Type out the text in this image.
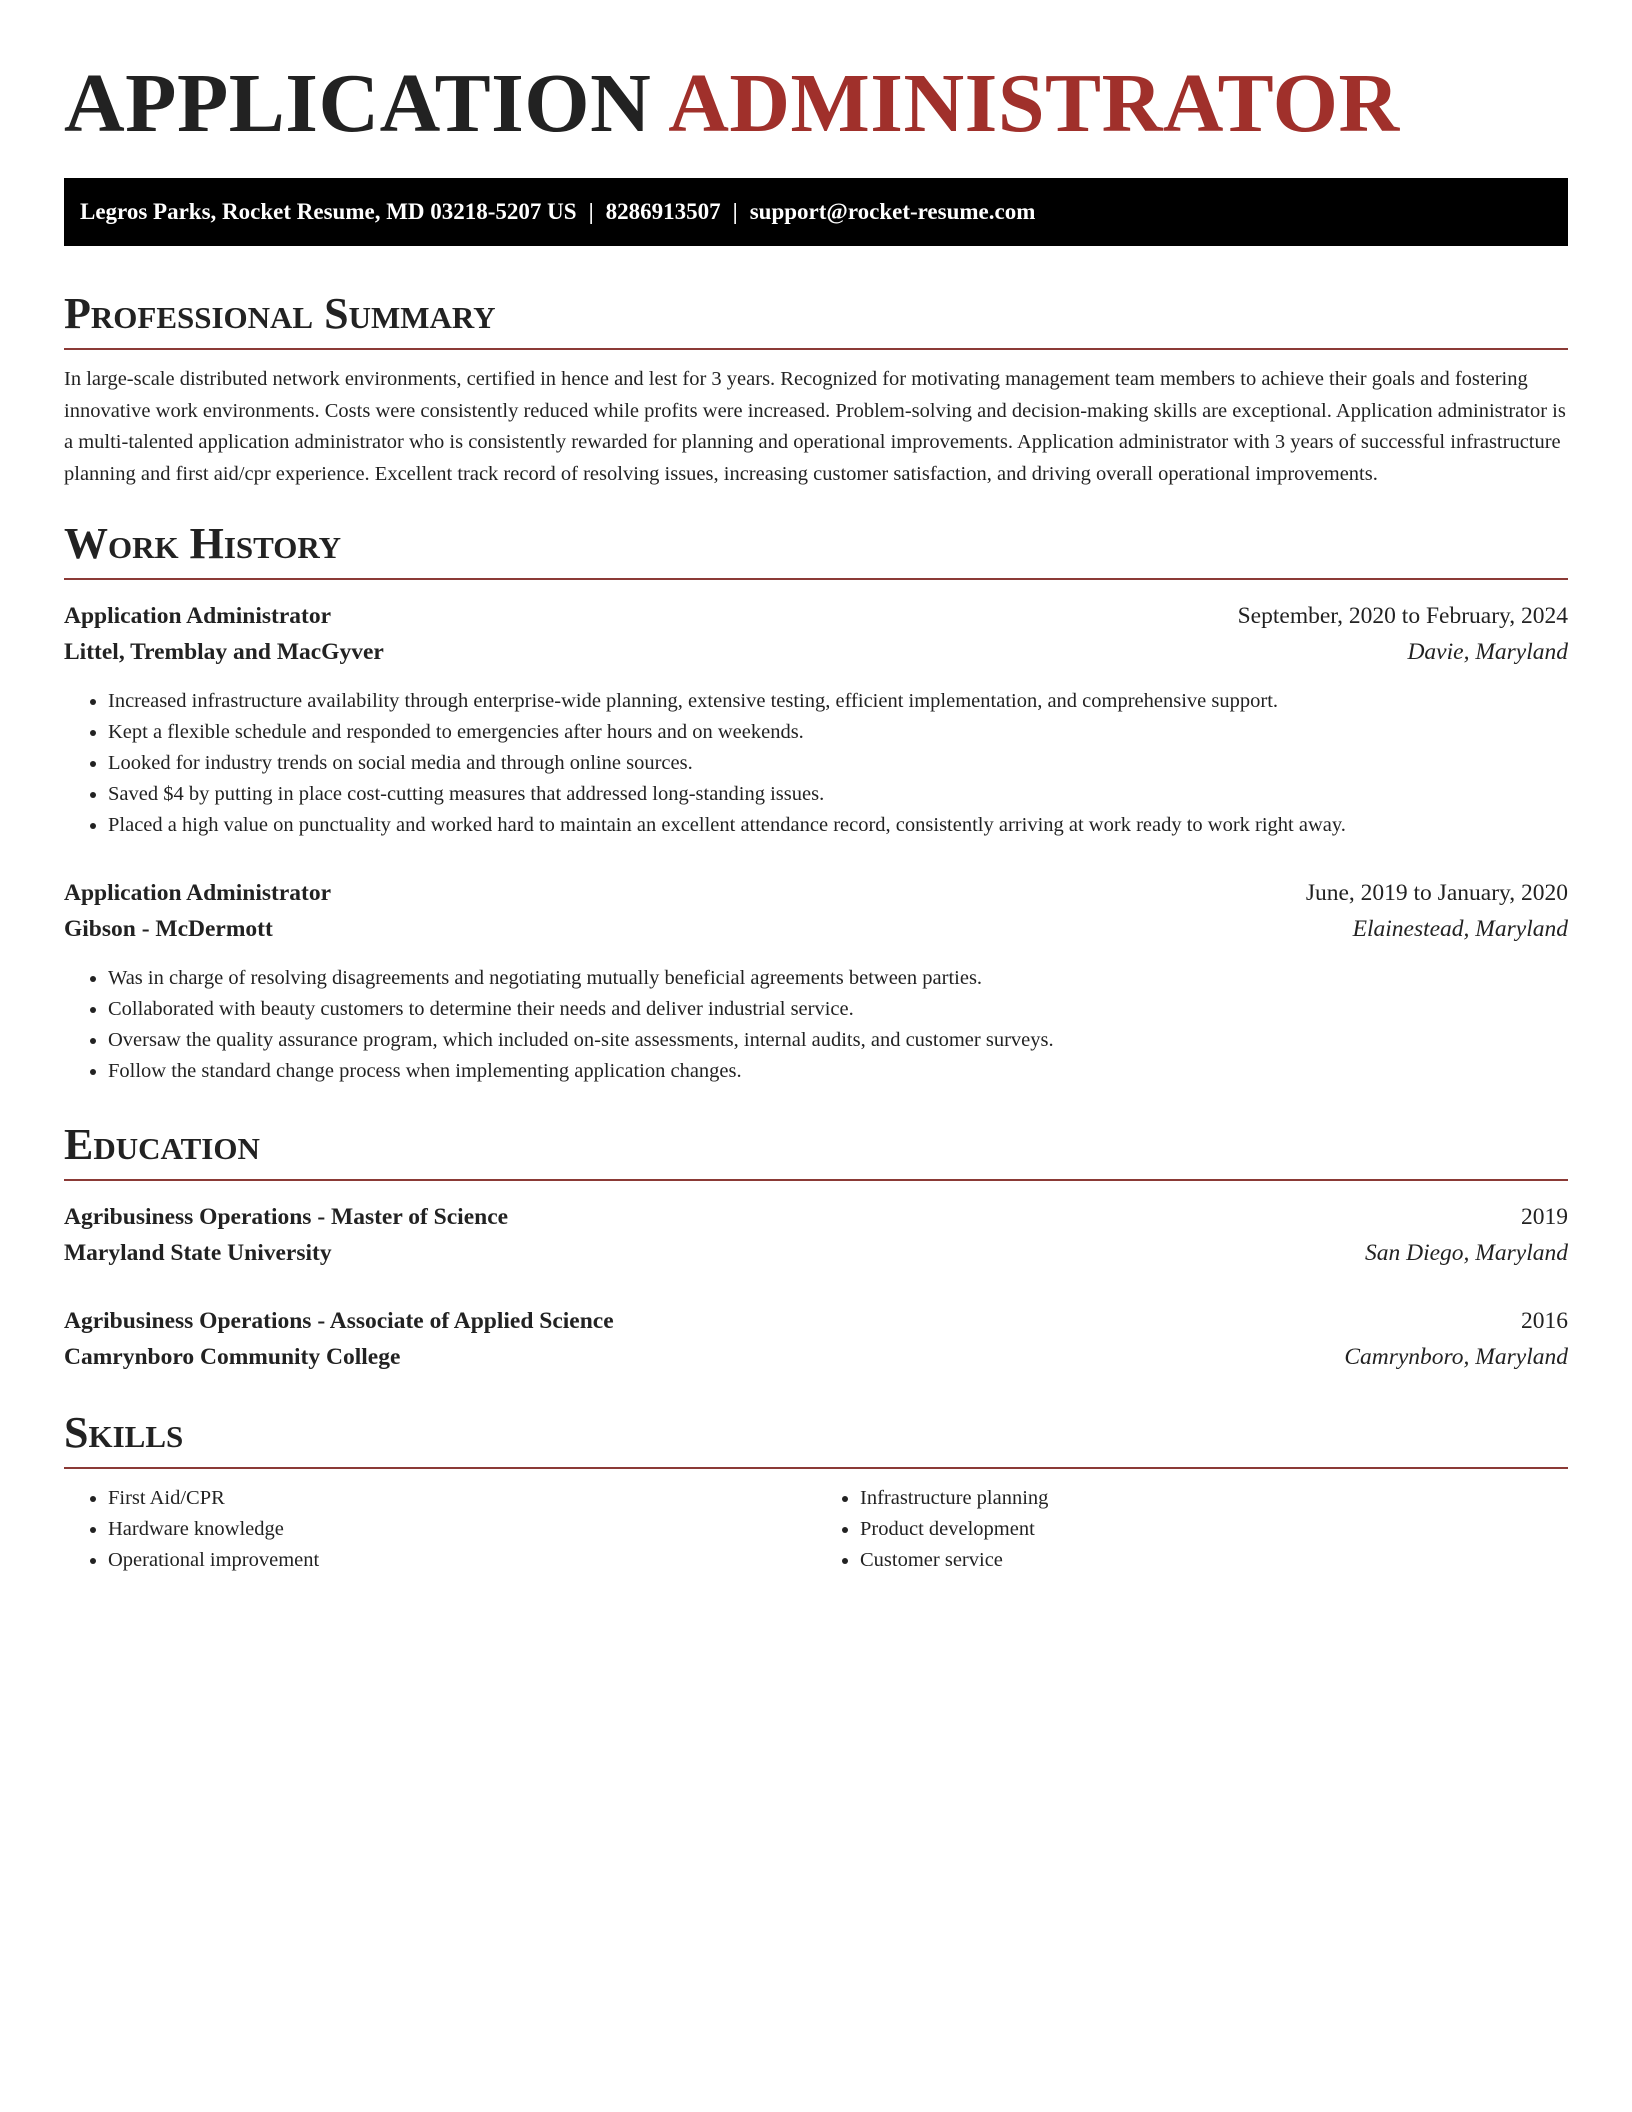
APPLICATION ADMINISTRATOR
Legros Parks, Rocket Resume, MD 03218-5207 US | 8286913507 | support@rocket-resume.com
Professional Summary

In large-scale distributed network environments, certified in hence and lest for 3 years. Recognized for motivating management team members to achieve their goals and fostering innovative work environments. Costs were consistently reduced while profits were increased. Problem-solving and decision-making skills are exceptional. Application administrator is a multi-talented application administrator who is consistently rewarded for planning and operational improvements. Application administrator with 3 years of successful infrastructure planning and first aid/cpr experience. Excellent track record of resolving issues, increasing customer satisfaction, and driving overall operational improvements.

Work History
Application Administrator	September, 2020 to February, 2024
Littel, Tremblay and MacGyver	Davie, Maryland
• Increased infrastructure availability through enterprise-wide planning, extensive testing, efficient implementation, and comprehensive support.
• Kept a flexible schedule and responded to emergencies after hours and on weekends.
• Looked for industry trends on social media and through online sources.
• Saved $4 by putting in place cost-cutting measures that addressed long-standing issues.
• Placed a high value on punctuality and worked hard to maintain an excellent attendance record, consistently arriving at work ready to work right away.
Application Administrator	June, 2019 to January, 2020
Gibson - McDermott	Elainestead, Maryland
• Was in charge of resolving disagreements and negotiating mutually beneficial agreements between parties.
• Collaborated with beauty customers to determine their needs and deliver industrial service.
• Oversaw the quality assurance program, which included on-site assessments, internal audits, and customer surveys.
• Follow the standard change process when implementing application changes.
Education
Agribusiness Operations - Master of Science	2019
Maryland State University	San Diego, Maryland
Agribusiness Operations - Associate of Applied Science	2016
Camrynboro Community College	Camrynboro, Maryland
Skills
• First Aid/CPR
• Hardware knowledge
• Operational improvement
• Infrastructure planning
• Product development
• Customer service
